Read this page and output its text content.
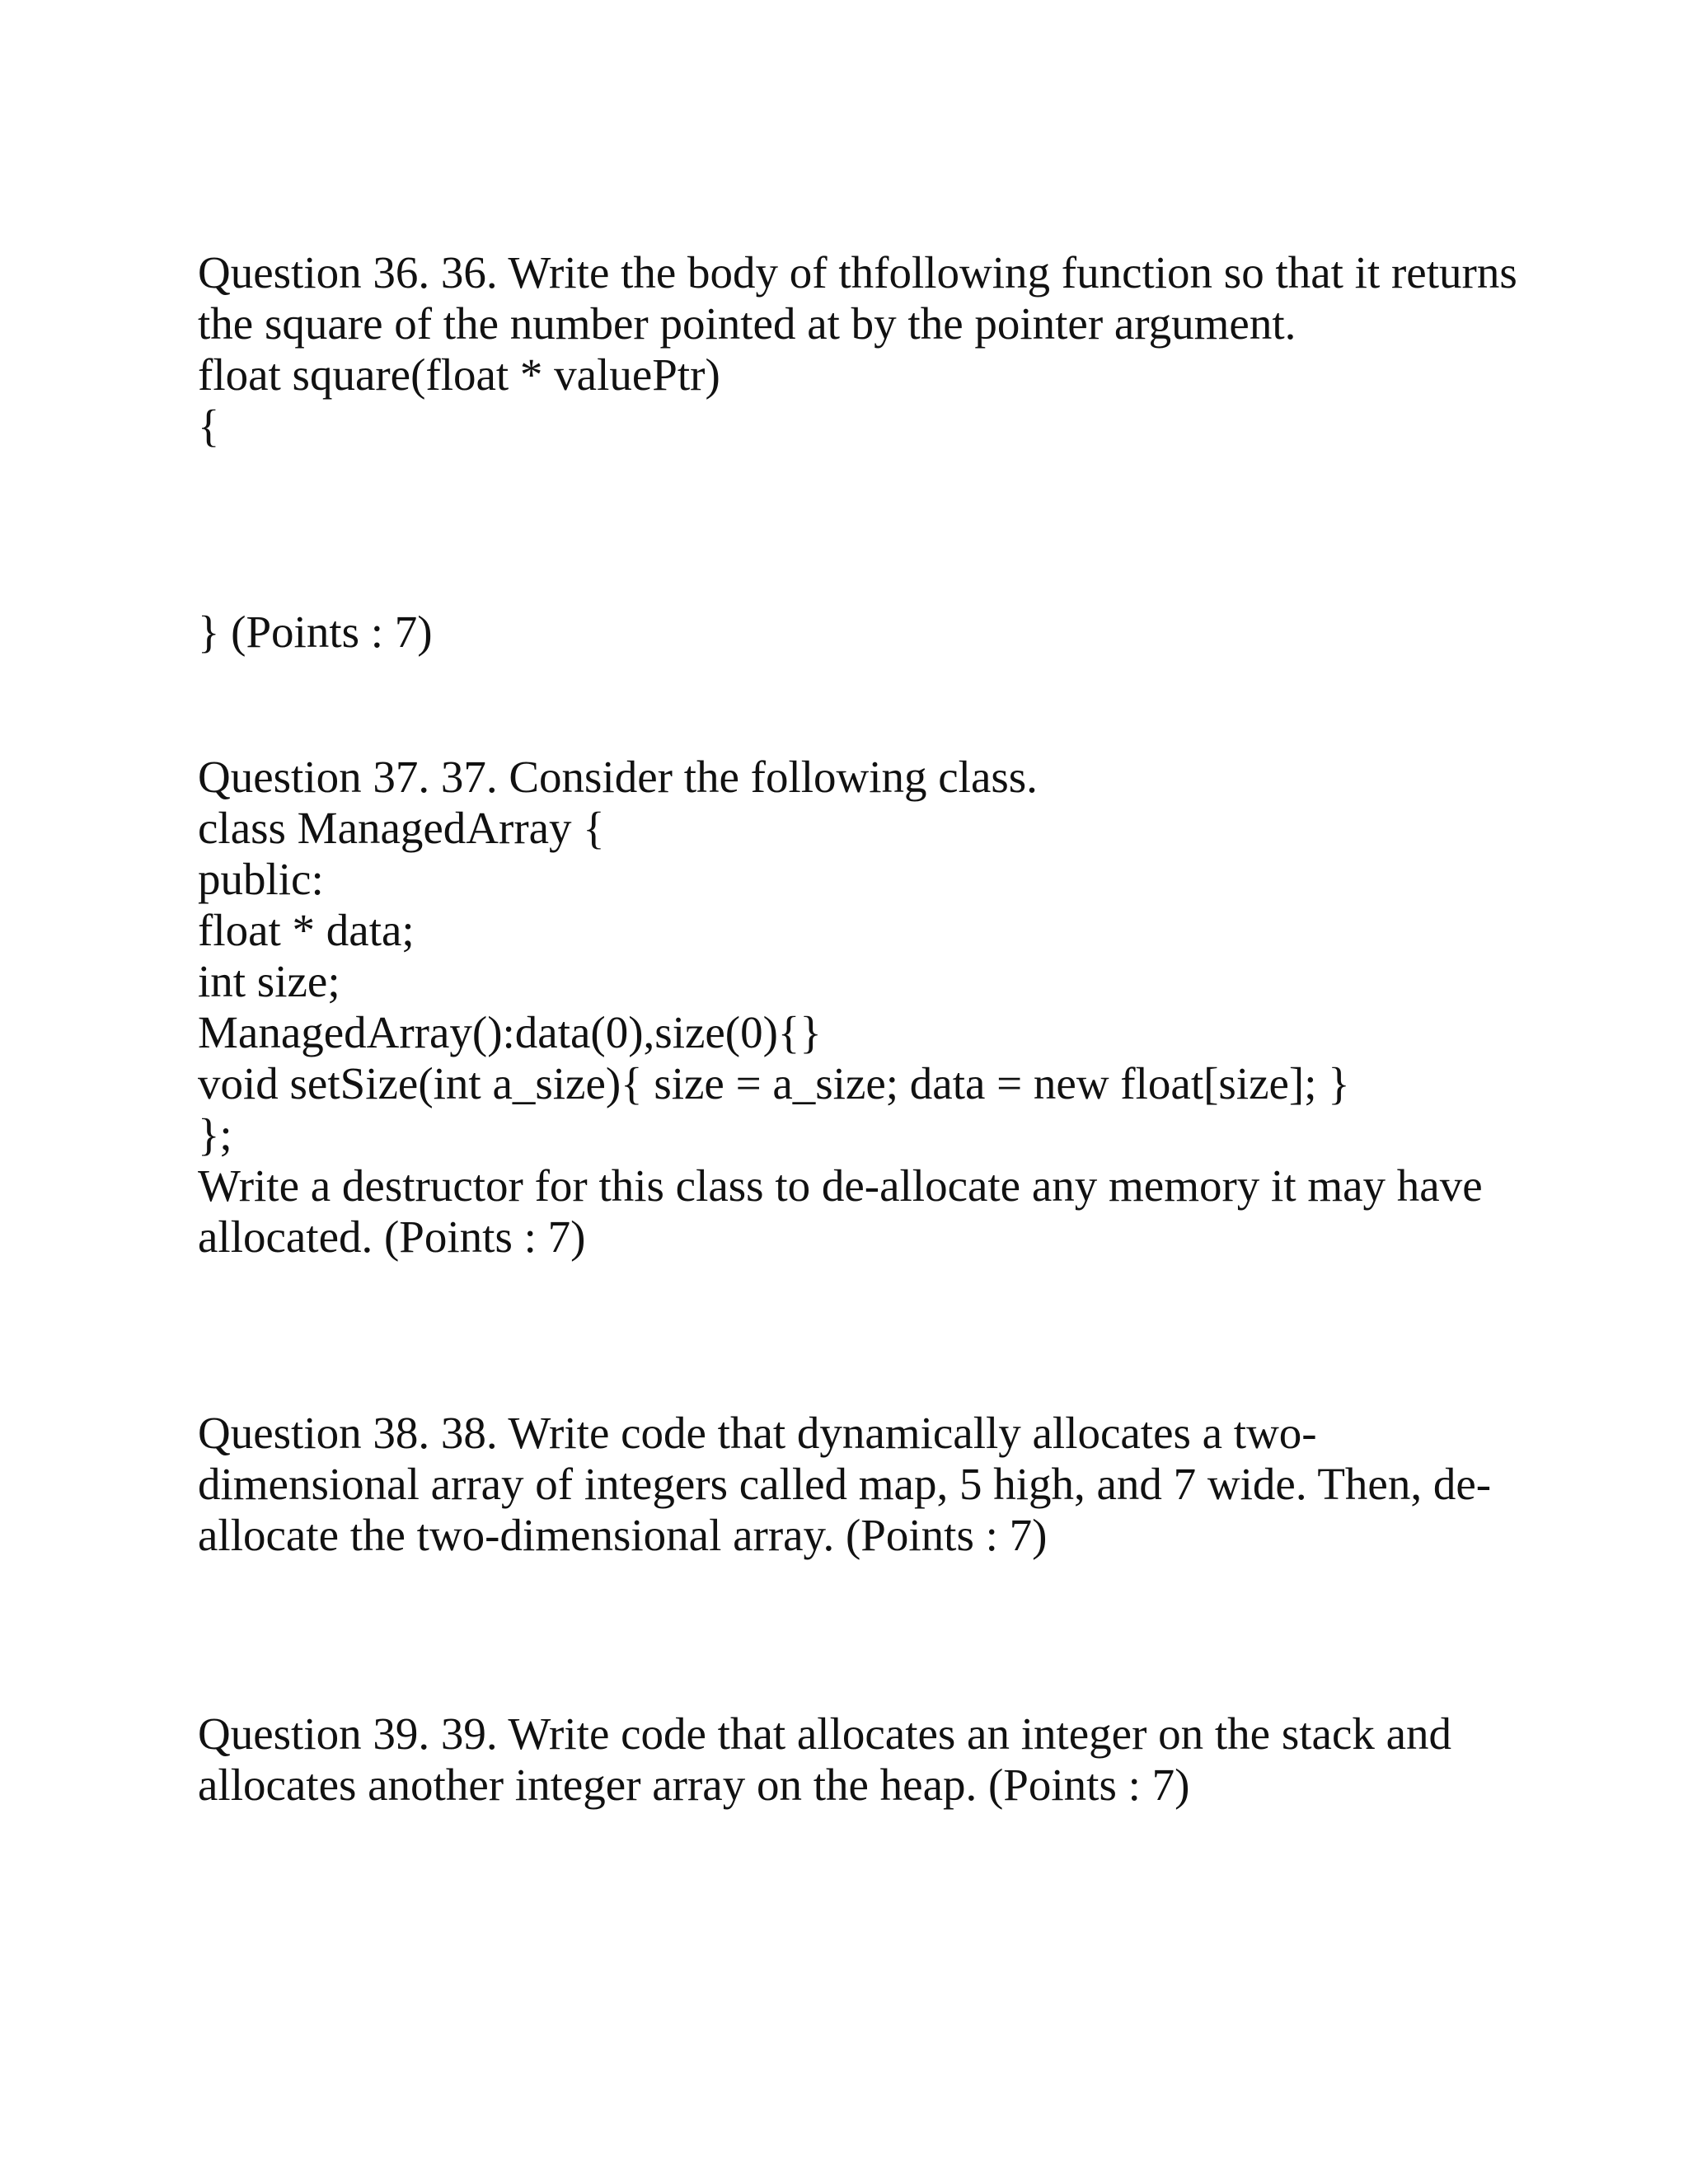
Question 36. 36. Write the body of thfollowing function so that it returns
the square of the number pointed at by the pointer argument.
float square(float * valuePtr)
{
} (Points : 7)
Question 37. 37. Consider the following class.
class ManagedArray {
public:
float * data;
int size;
ManagedArray():data(0),size(0){}
void setSize(int a_size){ size = a_size; data = new float[size]; }
};
Write a destructor for this class to de-allocate any memory it may have
allocated. (Points : 7)
Question 38. 38. Write code that dynamically allocates a two-
dimensional array of integers called map, 5 high, and 7 wide. Then, de-
allocate the two-dimensional array. (Points : 7)
Question 39. 39. Write code that allocates an integer on the stack and
allocates another integer array on the heap. (Points : 7)
